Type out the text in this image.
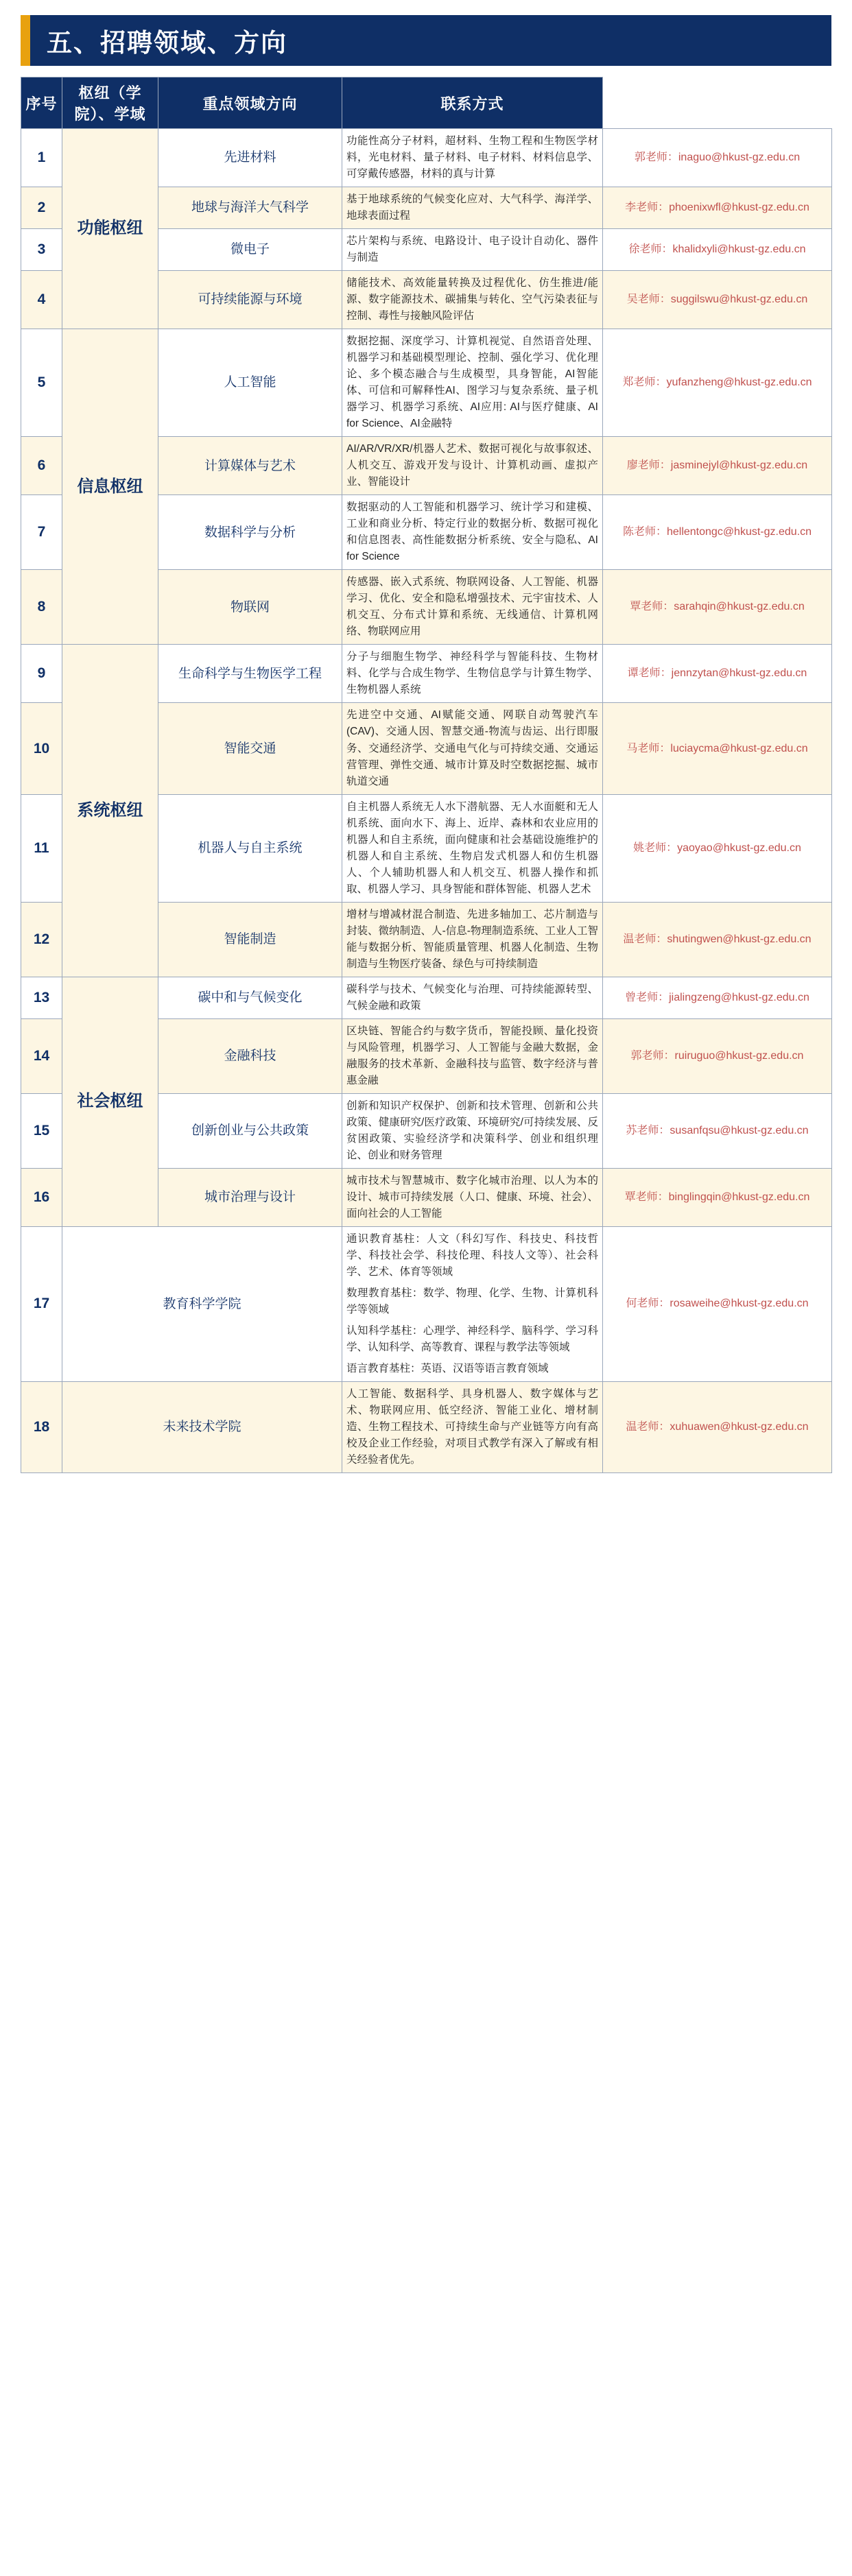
五、招聘领域、方向
序号	枢纽（学院）、学域	重点领域方向	联系方式	
1	功能枢纽	先进材料	功能性高分子材料，超材料、生物工程和生物医学材料，光电材料、量子材料、电子材料、材料信息学、可穿戴传感器，材料的真与计算	郭老师：inaguo@hkust-gz.edu.cn
2		地球与海洋大气科学	基于地球系统的气候变化应对、大气科学、海洋学、地球表面过程	李老师：phoenixwfl@hkust-gz.edu.cn
3		微电子	芯片架构与系统、电路设计、电子设计自动化、器件与制造	徐老师：khalidxyli@hkust-gz.edu.cn
4		可持续能源与环境	储能技术、高效能量转换及过程优化、仿生推进/能源、数字能源技术、碳捕集与转化、空气污染表征与控制、毒性与接触风险评估	吴老师：suggilswu@hkust-gz.edu.cn
5	信息枢纽	人工智能	数据挖掘、深度学习、计算机视觉、自然语音处理、机器学习和基础模型理论、控制、强化学习、优化理论、多个模态融合与生成模型，具身智能，AI智能体、可信和可解释性AI、图学习与复杂系统、量子机器学习、机器学习系统、AI应用: AI与医疗健康、AI for Science、AI金融特	郑老师：yufanzheng@hkust-gz.edu.cn
6		计算媒体与艺术	AI/AR/VR/XR/机器人艺术、数据可视化与故事叙述、人机交互、游戏开发与设计、计算机动画、虚拟产业、智能设计	廖老师：jasminejyl@hkust-gz.edu.cn
7		数据科学与分析	数据驱动的人工智能和机器学习、统计学习和建模、工业和商业分析、特定行业的数据分析、数据可视化和信息图表、高性能数据分析系统、安全与隐私、AI for Science	陈老师：hellentongc@hkust-gz.edu.cn
8		物联网	传感器、嵌入式系统、物联网设备、人工智能、机器学习、优化、安全和隐私增强技术、元宇宙技术、人机交互、分布式计算和系统、无线通信、计算机网络、物联网应用	覃老师：sarahqin@hkust-gz.edu.cn
9	系统枢纽	生命科学与生物医学工程	分子与细胞生物学、神经科学与智能科技、生物材料、化学与合成生物学、生物信息学与计算生物学、生物机器人系统	谭老师：jennzytan@hkust-gz.edu.cn
10		智能交通	先进空中交通、AI赋能交通、网联自动驾驶汽车(CAV)、交通人因、智慧交通-物流与齿运、出行即服务、交通经济学、交通电气化与可持续交通、交通运营管理、弹性交通、城市计算及时空数据挖掘、城市轨道交通	马老师：luciaycma@hkust-gz.edu.cn
11		机器人与自主系统	自主机器人系统无人水下潜航器、无人水面艇和无人机系统、面向水下、海上、近岸、森林和农业应用的机器人和自主系统，面向健康和社会基础设施维护的机器人和自主系统、生物启发式机器人和仿生机器人、个人辅助机器人和人机交互、机器人操作和抓取、机器人学习、具身智能和群体智能、机器人艺术	姚老师：yaoyao@hkust-gz.edu.cn
12		智能制造	增材与增减材混合制造、先进多轴加工、芯片制造与封装、微纳制造、人-信息-物理制造系统、工业人工智能与数据分析、智能质量管理、机器人化制造、生物制造与生物医疗装备、绿色与可持续制造	温老师：shutingwen@hkust-gz.edu.cn
13	社会枢纽	碳中和与气候变化	碳科学与技术、气候变化与治理、可持续能源转型、气候金融和政策	曾老师：jialingzeng@hkust-gz.edu.cn
14		金融科技	区块链、智能合约与数字货币，智能投顾、量化投资与风险管理，机器学习、人工智能与金融大数据，金融服务的技术革新、金融科技与监管、数字经济与普惠金融	郭老师：ruiruguo@hkust-gz.edu.cn
15		创新创业与公共政策	创新和知识产权保护、创新和技术管理、创新和公共政策、健康研究/医疗政策、环境研究/可持续发展、反贫困政策、实验经济学和决策科学、创业和组织理论、创业和财务管理	苏老师：susanfqsu@hkust-gz.edu.cn
16		城市治理与设计	城市技术与智慧城市、数字化城市治理、以人为本的设计、城市可持续发展（人口、健康、环境、社会）、面向社会的人工智能	覃老师：binglingqin@hkust-gz.edu.cn
17	教育科学学院		通识教育基柱：人文（科幻写作、科技史、科技哲学、科技社会学、科技伦理、科技人文等）、社会科学、艺术、体育等领域

数理教育基柱：数学、物理、化学、生物、计算机科学等领域

认知科学基柱：心理学、神经科学、脑科学、学习科学、认知科学、高等教育、课程与教学法等领域

语言教育基柱：英语、汉语等语言教育领域	何老师：rosaweihe@hkust-gz.edu.cn
18	未来技术学院		人工智能、数据科学、具身机器人、数字媒体与艺术、物联网应用、低空经济、智能工业化、增材制造、生物工程技术、可持续生命与产业链等方向有高校及企业工作经验，对项目式教学有深入了解或有相关经验者优先。	温老师：xuhuawen@hkust-gz.edu.cn
